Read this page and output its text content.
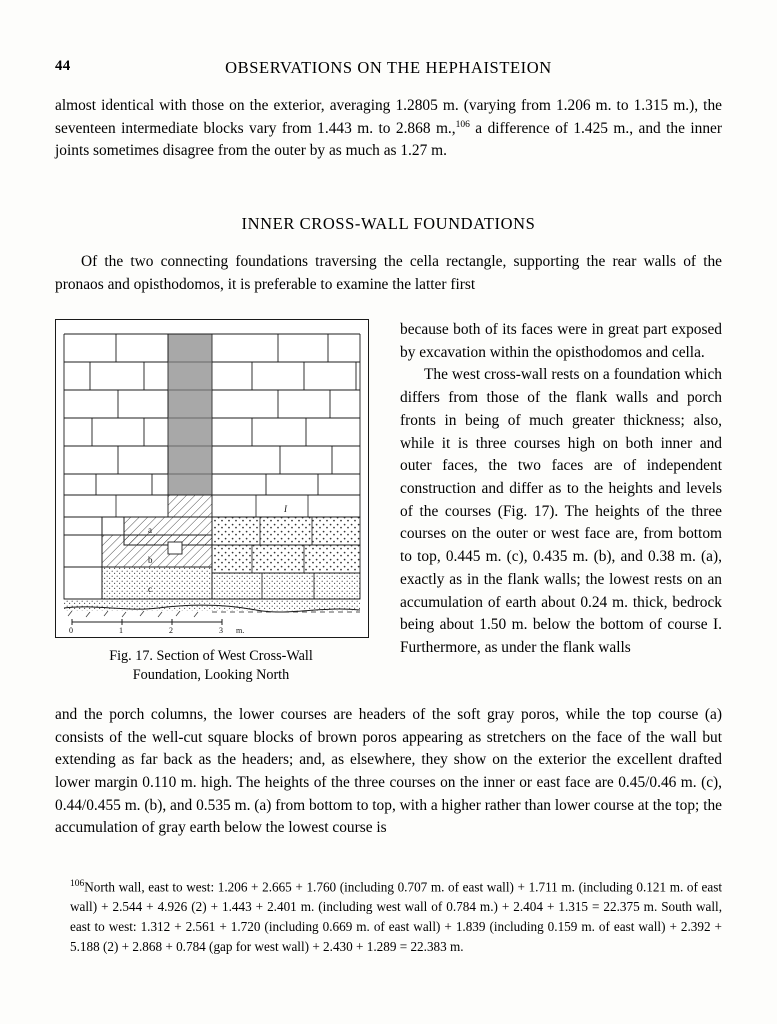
44	OBSERVATIONS ON THE HEPHAISTEION
almost identical with those on the exterior, averaging 1.2805 m. (varying from 1.206 m. to 1.315 m.), the seventeen intermediate blocks vary from 1.443 m. to 2.868 m.,$^{106}$ a difference of 1.425 m., and the inner joints sometimes disagree from the outer by as much as 1.27 m.
INNER CROSS-WALL FOUNDATIONS
Of the two connecting foundations traversing the cella rectangle, supporting the rear walls of the pronaos and opisthodomos, it is preferable to examine the latter first
a
b
c
I
0	1	2	3 m.
Fig. 17. Section of West Cross-Wall
Foundation, Looking North
because both of its faces were in great part exposed by excavation within the opisthodomos and cella.
The west cross-wall rests on a foundation which differs from those of the flank walls and porch fronts in being of much greater thickness; also, while it is three courses high on both inner and outer faces, the two faces are of independent construction and differ as to the heights and levels of the courses (Fig. 17). The heights of the three courses on the outer or west face are, from bottom to top, 0.445 m. (c), 0.435 m. (b), and 0.38 m. (a), exactly as in the flank walls; the lowest rests on an accumulation of earth about 0.24 m. thick, bedrock being about 1.50 m. below the bottom of course I. Furthermore, as under the flank walls
and the porch columns, the lower courses are headers of the soft gray poros, while the top course (a) consists of the well-cut square blocks of brown poros appearing as stretchers on the face of the wall but extending as far back as the headers; and, as elsewhere, they show on the exterior the excellent drafted lower margin 0.110 m. high. The heights of the three courses on the inner or east face are 0.45/0.46 m. (c), 0.44/0.455 m. (b), and 0.535 m. (a) from bottom to top, with a higher rather than lower course at the top; the accumulation of gray earth below the lowest course is
$^{106}$North wall, east to west: 1.206 + 2.665 + 1.760 (including 0.707 m. of east wall) + 1.711 m. (including 0.121 m. of east wall) + 2.544 + 4.926 (2) + 1.443 + 2.401 m. (including west wall of 0.784 m.) + 2.404 + 1.315 = 22.375 m. South wall, east to west: 1.312 + 2.561 + 1.720 (including 0.669 m. of east wall) + 1.839 (including 0.159 m. of east wall) + 2.392 + 5.188 (2) + 2.868 + 0.784 (gap for west wall) + 2.430 + 1.289 = 22.383 m.
